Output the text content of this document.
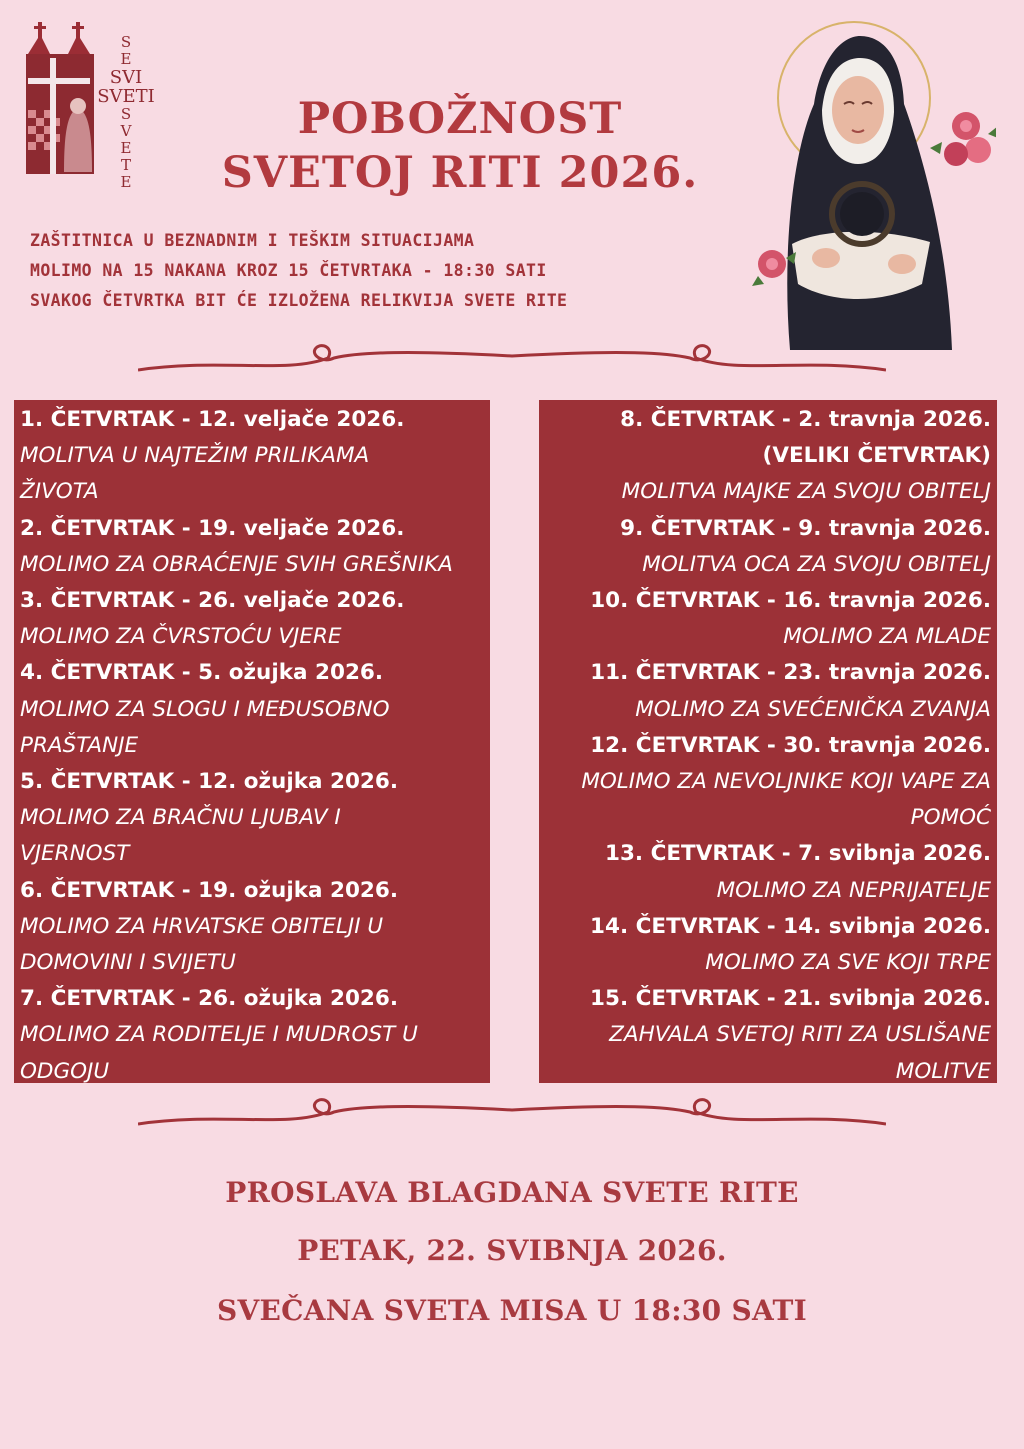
S
E
SVI
SVETI
S
V
E
T
E
POBOŽNOST
SVETOJ RITI 2026.
ZAŠTITNICA U BEZNADNIM I TEŠKIM SITUACIJAMA
MOLIMO NA 15 NAKANA KROZ 15 ČETVRTAKA - 18:30 SATI
SVAKOG ČETVRTKA BIT ĆE IZLOŽENA RELIKVIJA SVETE RITE
1. ČETVRTAK - 12. veljače 2026.
MOLITVA U NAJTEŽIM PRILIKAMA
ŽIVOTA
2. ČETVRTAK - 19. veljače 2026.
MOLIMO ZA OBRAĆENJE SVIH GREŠNIKA
3. ČETVRTAK - 26. veljače 2026.
MOLIMO ZA ČVRSTOĆU VJERE
4. ČETVRTAK - 5. ožujka 2026.
MOLIMO ZA SLOGU I MEĐUSOBNO
PRAŠTANJE
5. ČETVRTAK - 12. ožujka 2026.
MOLIMO ZA BRAČNU LJUBAV I
VJERNOST
6. ČETVRTAK - 19. ožujka 2026.
MOLIMO ZA HRVATSKE OBITELJI U
DOMOVINI I SVIJETU
7. ČETVRTAK - 26. ožujka 2026.
MOLIMO ZA RODITELJE I MUDROST U
ODGOJU
8. ČETVRTAK - 2. travnja 2026.
(VELIKI ČETVRTAK)
MOLITVA MAJKE ZA SVOJU OBITELJ
9. ČETVRTAK - 9. travnja 2026.
MOLITVA OCA ZA SVOJU OBITELJ
10. ČETVRTAK - 16. travnja 2026.
MOLIMO ZA MLADE
11. ČETVRTAK - 23. travnja 2026.
MOLIMO ZA SVEĆENIČKA ZVANJA
12. ČETVRTAK - 30. travnja 2026.
MOLIMO ZA NEVOLJNIKE KOJI VAPE ZA
POMOĆ
13. ČETVRTAK - 7. svibnja 2026.
MOLIMO ZA NEPRIJATELJE
14. ČETVRTAK - 14. svibnja 2026.
MOLIMO ZA SVE KOJI TRPE
15. ČETVRTAK - 21. svibnja 2026.
ZAHVALA SVETOJ RITI ZA USLIŠANE
MOLITVE
PROSLAVA BLAGDANA SVETE RITE
PETAK, 22. SVIBNJA 2026.
SVEČANA SVETA MISA U 18:30 SATI
